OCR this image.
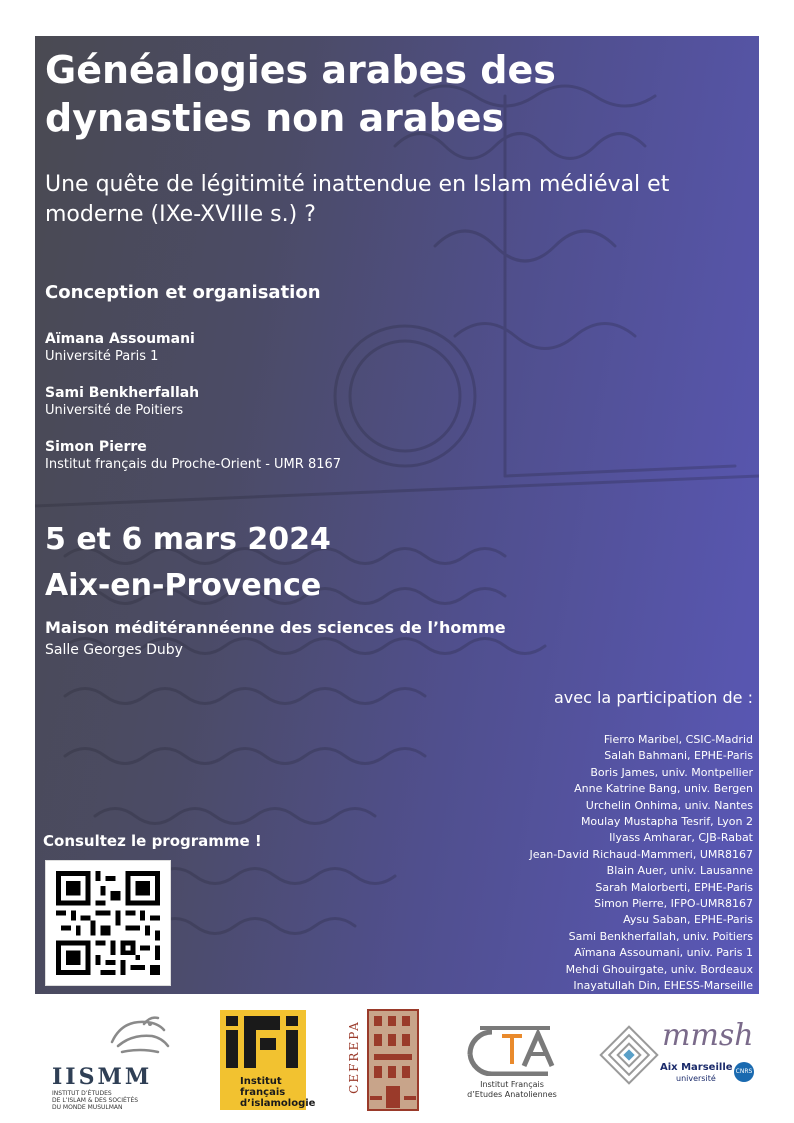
Généalogies arabes des dynasties non arabes
Une quête de légitimité inattendue en Islam médiéval et moderne (IXe-XVIIIe s.) ?
Conception et organisation
Aïmana Assoumani
Université Paris 1
Sami Benkherfallah
Université de Poitiers
Simon Pierre
Institut français du Proche-Orient - UMR 8167
5 et 6 mars 2024
Aix-en-Provence
Maison méditérannéenne des sciences de l’homme
Salle Georges Duby
avec la participation de :
Fierro Maribel, CSIC-Madrid
Salah Bahmani, EPHE-Paris
Boris James, univ. Montpellier
Anne Katrine Bang, univ. Bergen
Urchelin Onhima, univ. Nantes
Moulay Mustapha Tesrif, Lyon 2
Ilyass Amharar, CJB-Rabat
Jean-David Richaud-Mammeri, UMR8167
Blain Auer, univ. Lausanne
Sarah Malorberti, EPHE-Paris
Simon Pierre, IFPO-UMR8167
Aysu Saban, EPHE-Paris
Sami Benkherfallah, univ. Poitiers
Aïmana Assoumani, univ. Paris 1
Mehdi Ghouirgate, univ. Bordeaux
Inayatullah Din, EHESS-Marseille
Consultez le programme !
IISMM
INSTITUT D’ÉTUDES
DE L’ISLAM & DES SOCIÉTÉS
DU MONDE MUSULMAN
Institut
français
d’islamologie
CEFREPA
IFEA
Institut Français
d’Etudes Anatoliennes
mmsh
Aix Marseille
université
CNRS
